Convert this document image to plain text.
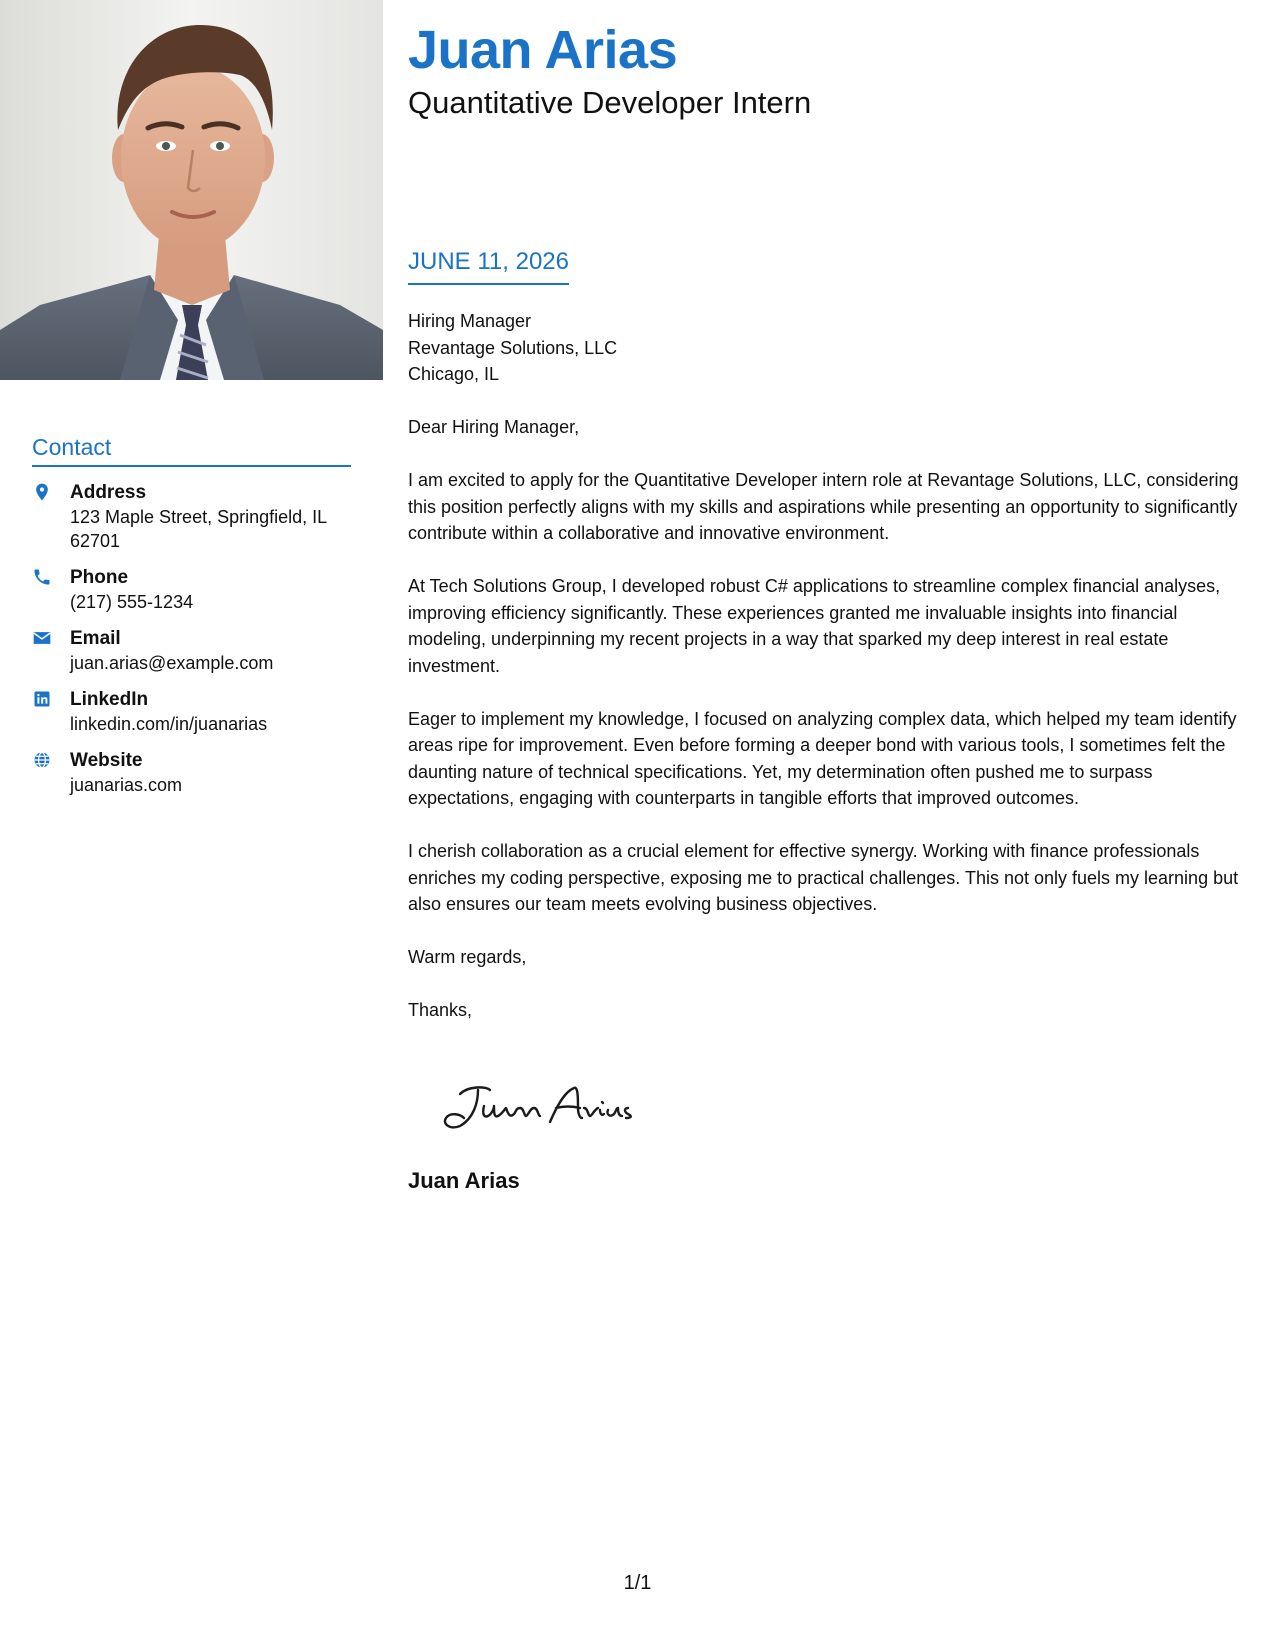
Contact
Address
123 Maple Street, Springfield, IL 62701
Phone
(217) 555-1234
Email
juan.arias@example.com
LinkedIn
linkedin.com/in/juanarias
Website
juanarias.com
Juan Arias
Quantitative Developer Intern
JUNE 11, 2026

Hiring Manager
Revantage Solutions, LLC
Chicago, IL

Dear Hiring Manager,

I am excited to apply for the Quantitative Developer intern role at Revantage Solutions, LLC, considering this position perfectly aligns with my skills and aspirations while presenting an opportunity to significantly contribute within a collaborative and innovative environment.

At Tech Solutions Group, I developed robust C# applications to streamline complex financial analyses, improving efficiency significantly. These experiences granted me invaluable insights into financial modeling, underpinning my recent projects in a way that sparked my deep interest in real estate investment.

Eager to implement my knowledge, I focused on analyzing complex data, which helped my team identify areas ripe for improvement. Even before forming a deeper bond with various tools, I sometimes felt the daunting nature of technical specifications. Yet, my determination often pushed me to surpass expectations, engaging with counterparts in tangible efforts that improved outcomes.

I cherish collaboration as a crucial element for effective synergy. Working with finance professionals enriches my coding perspective, exposing me to practical challenges. This not only fuels my learning but also ensures our team meets evolving business objectives.

Warm regards,

Thanks,

Juan Arias
1/1
